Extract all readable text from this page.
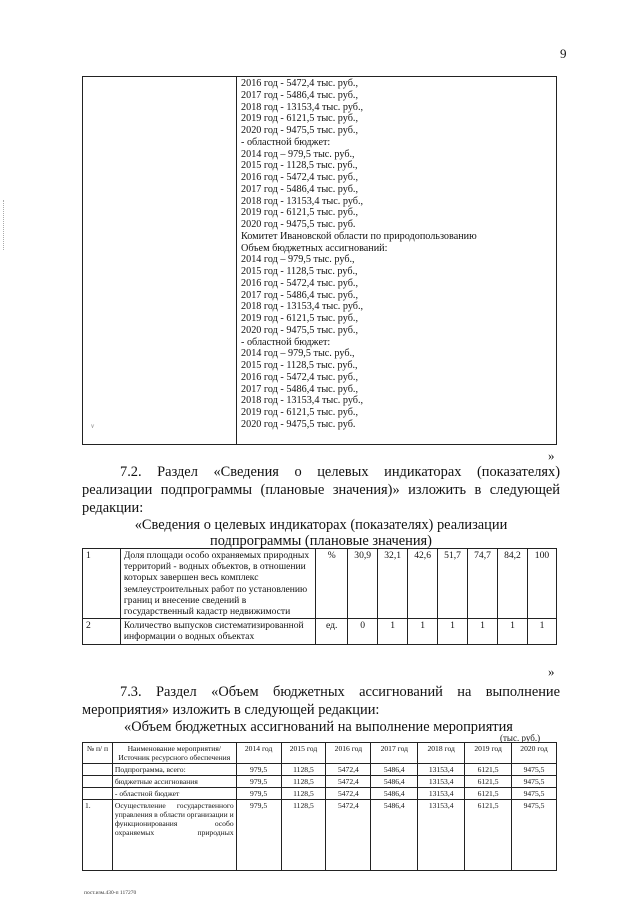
9
ν
2016 год - 5472,4 тыс. руб.,
2017 год - 5486,4 тыс. руб.,
2018 год - 13153,4 тыс. руб.,
2019 год - 6121,5 тыс. руб.,
2020 год - 9475,5 тыс. руб.,
- областной бюджет:
2014 год – 979,5 тыс. руб.,
2015 год - 1128,5 тыс. руб.,
2016 год - 5472,4 тыс. руб.,
2017 год - 5486,4 тыс. руб.,
2018 год - 13153,4 тыс. руб.,
2019 год - 6121,5 тыс. руб.,
2020 год - 9475,5 тыс. руб.
Комитет Ивановской области по природопользованию
Объем бюджетных ассигнований:
2014 год – 979,5 тыс. руб.,
2015 год - 1128,5 тыс. руб.,
2016 год - 5472,4 тыс. руб.,
2017 год - 5486,4 тыс. руб.,
2018 год - 13153,4 тыс. руб.,
2019 год - 6121,5 тыс. руб.,
2020 год - 9475,5 тыс. руб.,
- областной бюджет:
2014 год – 979,5 тыс. руб.,
2015 год - 1128,5 тыс. руб.,
2016 год - 5472,4 тыс. руб.,
2017 год - 5486,4 тыс. руб.,
2018 год - 13153,4 тыс. руб.,
2019 год - 6121,5 тыс. руб.,
2020 год - 9475,5 тыс. руб.
»
7.2. Раздел «Сведения о целевых индикаторах (показателях) реализации подпрограммы (плановые значения)» изложить в следующей редакции:
«Сведения о целевых индикаторах (показателях) реализации
подпрограммы (плановые значения)
1	Доля площади особо охраняемых природных территорий - водных объектов, в отношении которых завершен весь комплекс землеустроительных работ по установлению границ и внесение сведений в государственный кадастр недвижимости	%	30,9	32,1	42,6	51,7	74,7	84,2	100
2	Количество выпусков систематизированной информации о водных объектах	ед.	0	1	1	1	1	1	1
»
7.3. Раздел «Объем бюджетных ассигнований на выполнение мероприятия» изложить в следующей редакции:
«Объем бюджетных ассигнований на выполнение мероприятия
(тыс. руб.)
№ п/ п	Наименование мероприятия/Источник ресурсного обеспечения	2014 год	2015 год	2016 год	2017 год	2018 год	2019 год	2020 год
	Подпрограмма, всего:	979,5	1128,5	5472,4	5486,4	13153,4	6121,5	9475,5
	бюджетные ассигнования	979,5	1128,5	5472,4	5486,4	13153,4	6121,5	9475,5
	- областной бюджет	979,5	1128,5	5472,4	5486,4	13153,4	6121,5	9475,5
1.	Осуществление государственного управления в области организации и функционирования особо охраняемых природных	979,5	1128,5	5472,4	5486,4	13153,4	6121,5	9475,5
пост.изм.430-п 117270
